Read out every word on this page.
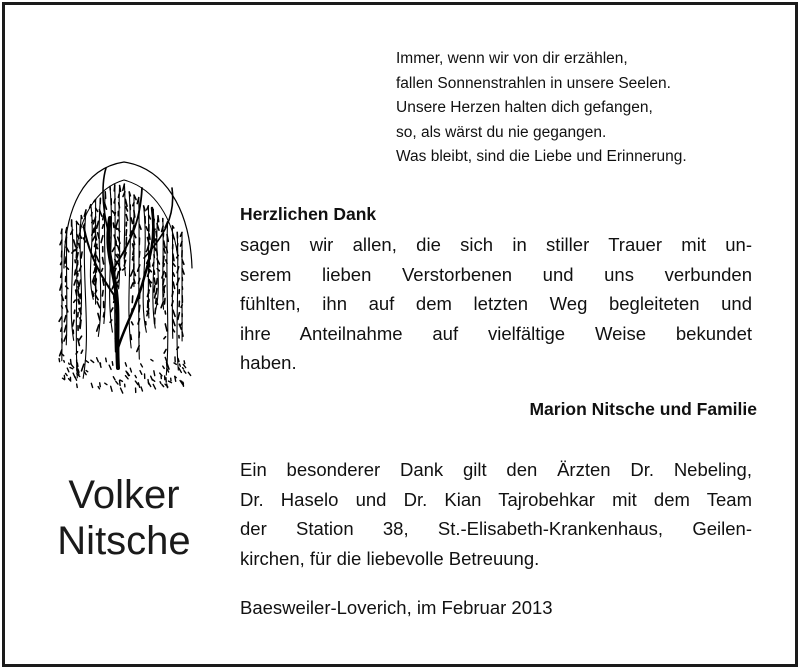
Immer, wenn wir von dir erzählen,
fallen Sonnenstrahlen in unsere Seelen.
Unsere Herzen halten dich gefangen,
so, als wärst du nie gegangen.
Was bleibt, sind die Liebe und Erinnerung.
Herzlichen Dank
sagen wir allen, die sich in stiller Trauer mit un-
serem lieben Verstorbenen und uns verbunden
fühlten, ihn auf dem letzten Weg begleiteten und
ihre Anteilnahme auf vielfältige Weise bekundet
haben.
Marion Nitsche und Familie
Volker
Nitsche
Ein besonderer Dank gilt den Ärzten Dr. Nebeling,
Dr. Haselo und Dr. Kian Tajrobehkar mit dem Team
der Station 38, St.-Elisabeth-Krankenhaus, Geilen-
kirchen, für die liebevolle Betreuung.
Baesweiler-Loverich, im Februar 2013
